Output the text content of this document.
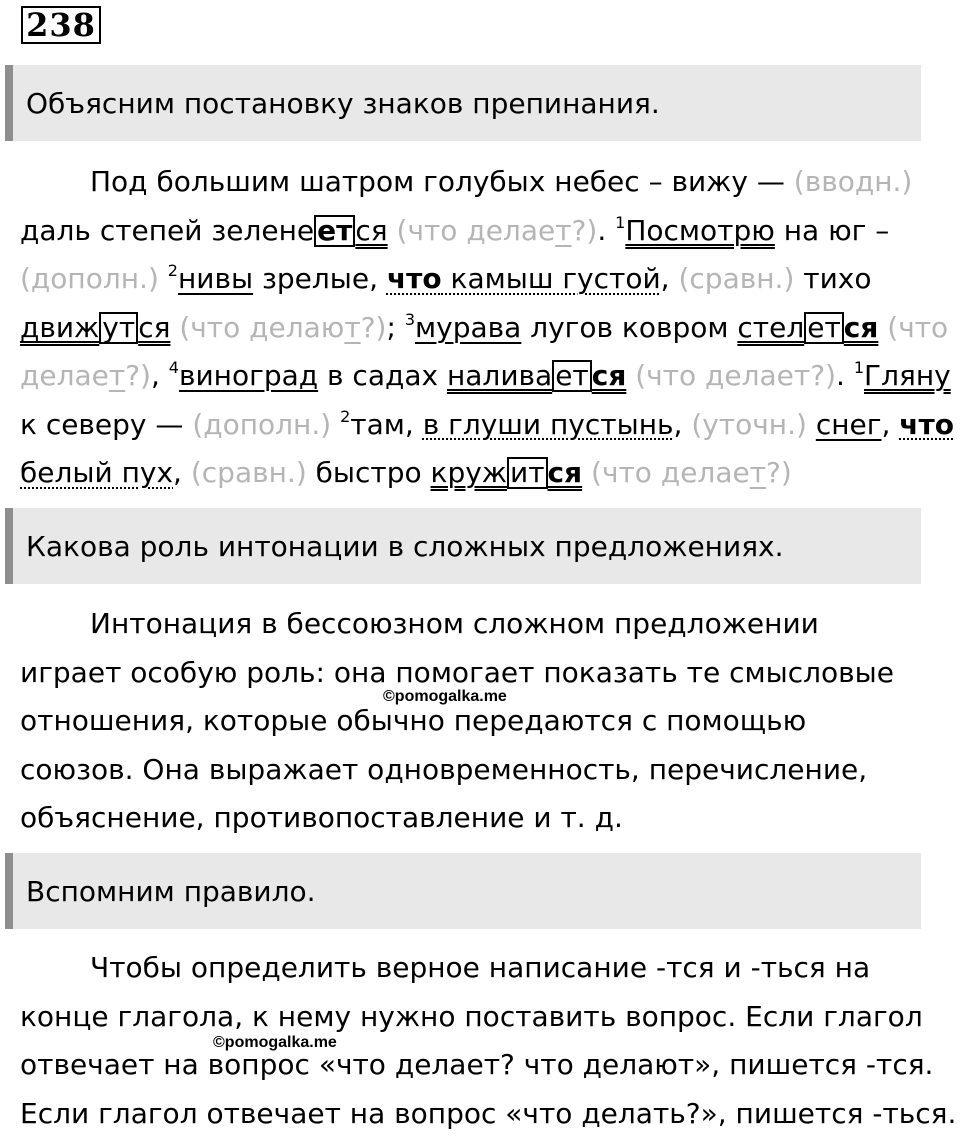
238
Объясним постановку знаков препинания.
Под большим шатром голубых небес – вижу — (вводн.)
даль степей зелене ет ся (что делает?). $^1$Посмотрю на юг –
(дополн.) $^2$нивы зрелые, что камыш густой, (сравн.) тихо
движ ут ся (что делают?); $^3$мурава лугов ковром стел ет ся (что
делает?), $^4$виноград в садах налива ет ся (что делает?). $^1$Гляну
к северу — (дополн.) $^2$там, в глуши пустынь, (уточн.) снег, что
белый пух, (сравн.) быстро круж ит ся (что делает?)
Какова роль интонации в сложных предложениях.
Интонация в бессоюзном сложном предложении
играет особую роль: она помогает показать те смысловые
отношения, которые обычно передаются с помощью
союзов. Она выражает одновременность, перечисление,
объяснение, противопоставление и т. д.
©pomogalka.me
Вспомним правило.
Чтобы определить верное написание -тся и -ться на
конце глагола, к нему нужно поставить вопрос. Если глагол
отвечает на вопрос «что делает? что делают», пишется -тся.
Если глагол отвечает на вопрос «что делать?», пишется -ться.
©pomogalka.me
